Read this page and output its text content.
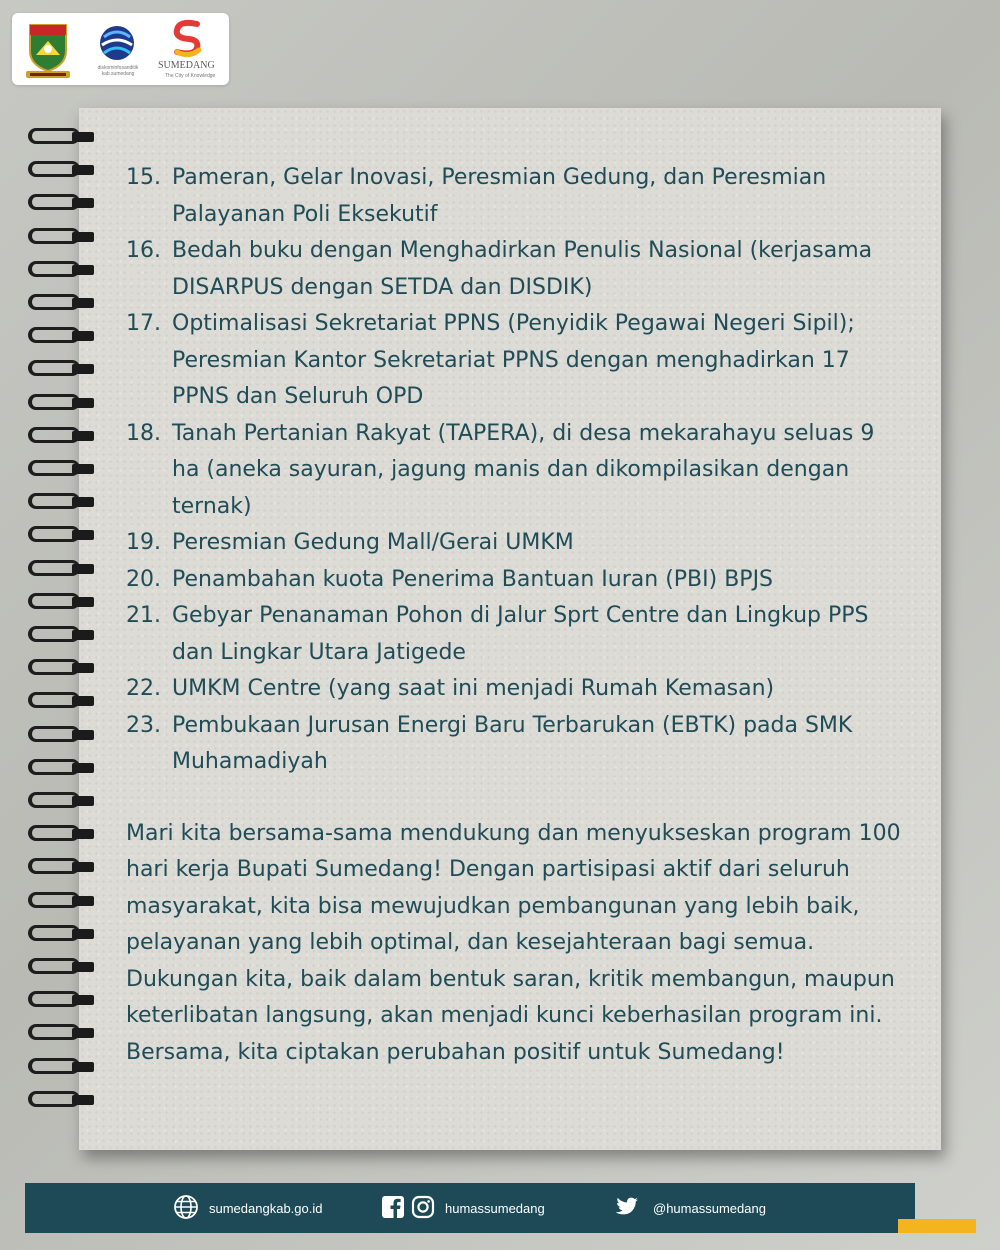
diskominfosanditik kab.sumedang
SUMEDANG
The City of Knowledge
15. Pameran, Gelar Inovasi, Peresmian Gedung, dan Peresmian
Palayanan Poli Eksekutif
16. Bedah buku dengan Menghadirkan Penulis Nasional (kerjasama
DISARPUS dengan SETDA dan DISDIK)
17. Optimalisasi Sekretariat PPNS (Penyidik Pegawai Negeri Sipil);
Peresmian Kantor Sekretariat PPNS dengan menghadirkan 17
PPNS dan Seluruh OPD
18. Tanah Pertanian Rakyat (TAPERA), di desa mekarahayu seluas 9
ha (aneka sayuran, jagung manis dan dikompilasikan dengan
ternak)
19. Peresmian Gedung Mall/Gerai UMKM
20. Penambahan kuota Penerima Bantuan Iuran (PBI) BPJS
21. Gebyar Penanaman Pohon di Jalur Sprt Centre dan Lingkup PPS
dan Lingkar Utara Jatigede
22. UMKM Centre (yang saat ini menjadi Rumah Kemasan)
23. Pembukaan Jurusan Energi Baru Terbarukan (EBTK) pada SMK
Muhamadiyah
Mari kita bersama-sama mendukung dan menyukseskan program 100
hari kerja Bupati Sumedang! Dengan partisipasi aktif dari seluruh
masyarakat, kita bisa mewujudkan pembangunan yang lebih baik,
pelayanan yang lebih optimal, dan kesejahteraan bagi semua.
Dukungan kita, baik dalam bentuk saran, kritik membangun, maupun
keterlibatan langsung, akan menjadi kunci keberhasilan program ini.
Bersama, kita ciptakan perubahan positif untuk Sumedang!
sumedangkab.go.id	humassumedang	@humassumedang
